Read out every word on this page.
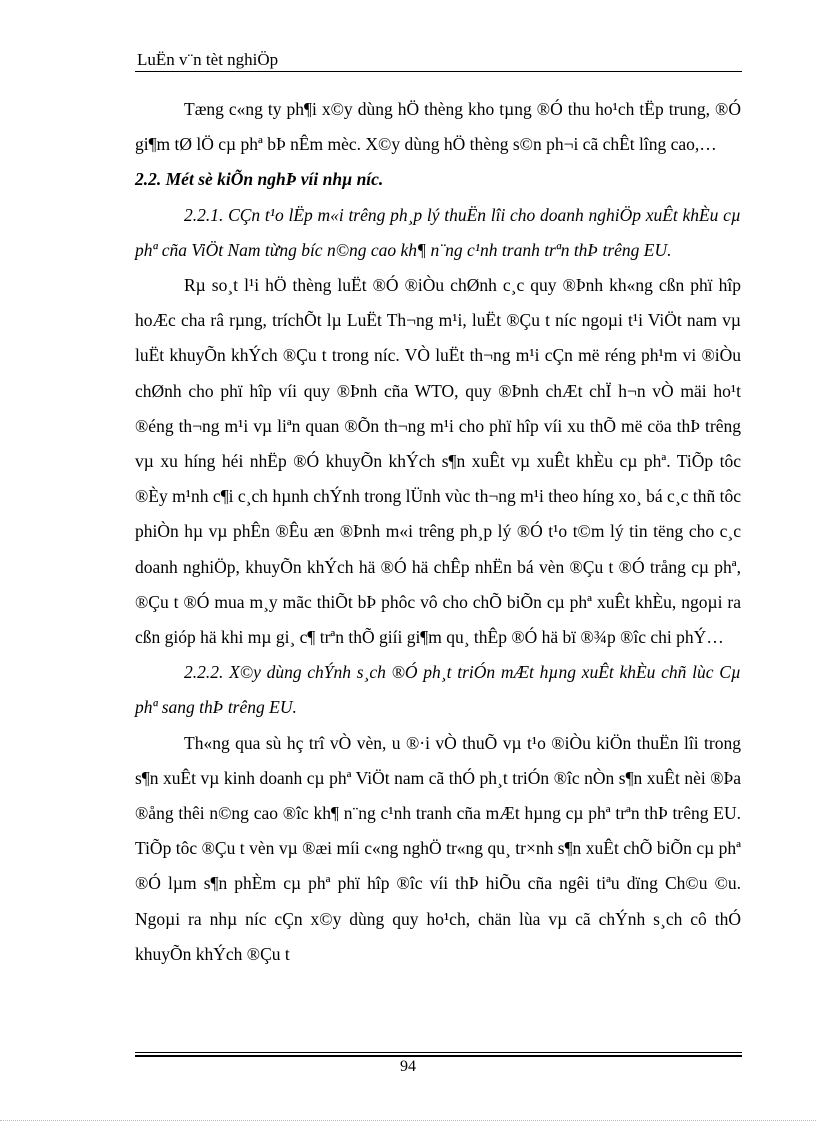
LuËn v¨n tèt nghiÖp

Tæng c«ng ty ph¶i x©y dùng hÖ thèng kho tµng ®Ó thu ho¹ch tËp trung, ®Ó gi¶m tØ lÖ cµ phª bÞ nÊm mèc. X©y dùng hÖ thèng s©n ph¬i cã chÊt lîng cao,…

2.2. Mét sè kiÕn nghÞ víi nhµ níc.

2.2.1. CÇn t¹o lËp m«i trêng ph¸p lý thuËn lîi cho doanh nghiÖp xuÊt khÈu cµ phª cña ViÖt Nam từng bíc n©ng cao kh¶ n¨ng c¹nh tranh trªn thÞ trêng EU.

Rµ so¸t l¹i hÖ thèng luËt ®Ó ®iÒu chØnh c¸c quy ®Þnh kh«ng cßn phï hîp hoÆc cha râ rµng, tríchÕt lµ LuËt Th¬ng m¹i, luËt ®Çu t níc ngoµi t¹i ViÖt nam vµ luËt khuyÕn khÝch ®Çu t trong níc. VÒ luËt th¬ng m¹i cÇn më réng ph¹m vi ®iÒu chØnh cho phï hîp víi quy ®Þnh cña WTO, quy ®Þnh chÆt chÏ h¬n vÒ mäi ho¹t ®éng th¬ng m¹i vµ liªn quan ®Õn th¬ng m¹i cho phï hîp víi xu thÕ më cöa thÞ trêng vµ xu híng héi nhËp ®Ó khuyÕn khÝch s¶n xuÊt vµ xuÊt khÈu cµ phª. TiÕp tôc ®Èy m¹nh c¶i c¸ch hµnh chÝnh trong lÜnh vùc th¬ng m¹i theo híng xo¸ bá c¸c thñ tôc phiÒn hµ vµ phÊn ®Êu æn ®Þnh m«i trêng ph¸p lý ®Ó t¹o t©m lý tin tëng cho c¸c doanh nghiÖp, khuyÕn khÝch hä ®Ó hä chÊp nhËn bá vèn ®Çu t ®Ó trång cµ phª, ®Çu t ®Ó mua m¸y mãc thiÕt bÞ phôc vô cho chÕ biÕn cµ phª xuÊt khÈu, ngoµi ra cßn gióp hä khi mµ gi¸ c¶ trªn thÕ giíi gi¶m qu¸ thÊp ®Ó hä bï ®¾p ®îc chi phÝ…

2.2.2. X©y dùng chÝnh s¸ch ®Ó ph¸t triÓn mÆt hµng xuÊt khÈu chñ lùc Cµ phª sang thÞ trêng EU.

Th«ng qua sù hç trî vÒ vèn, u ®·i vÒ thuÕ vµ t¹o ®iÒu kiÖn thuËn lîi trong s¶n xuÊt vµ kinh doanh cµ phª ViÖt nam cã thÓ ph¸t triÓn ®îc nÒn s¶n xuÊt nèi ®Þa ®ång thêi n©ng cao ®îc kh¶ n¨ng c¹nh tranh cña mÆt hµng cµ phª trªn thÞ trêng EU. TiÕp tôc ®Çu t vèn vµ ®æi míi c«ng nghÖ tr«ng qu¸ tr×nh s¶n xuÊt chÕ biÕn cµ phª ®Ó lµm s¶n phÈm cµ phª phï hîp ®îc víi thÞ hiÕu cña ngêi tiªu dïng Ch©u ©u. Ngoµi ra nhµ níc cÇn x©y dùng quy ho¹ch, chän lùa vµ cã chÝnh s¸ch cô thÓ khuyÕn khÝch ®Çu t

94
